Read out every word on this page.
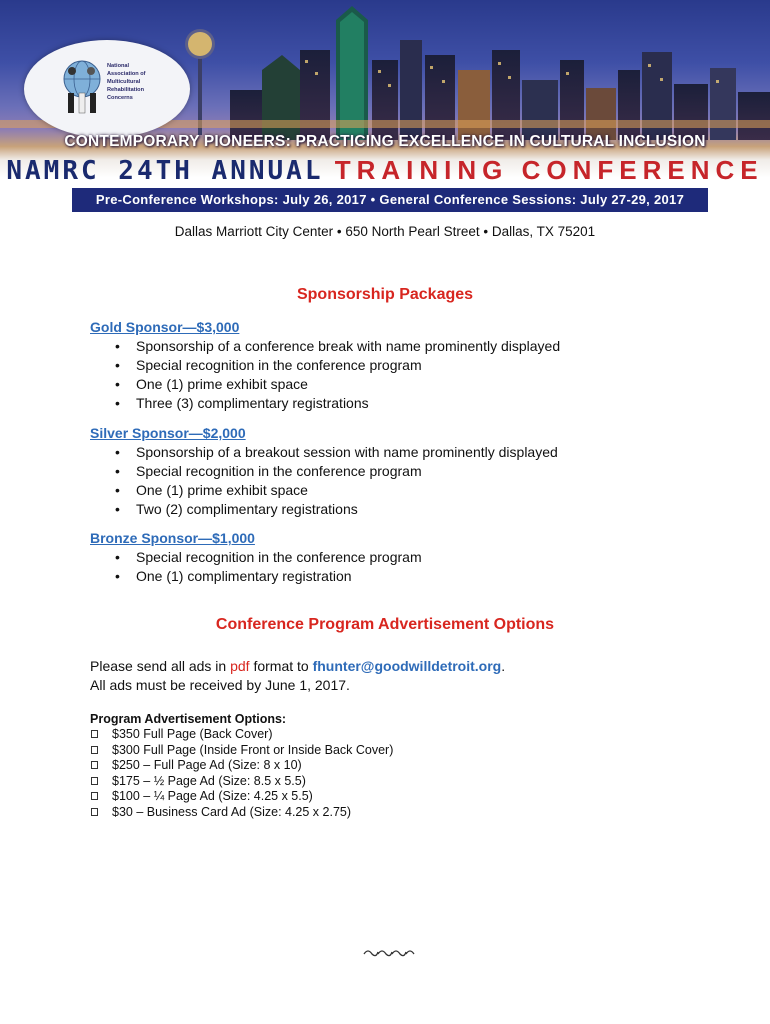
National
Association of
Multicultural
Rehabilitation
Concerns
CONTEMPORARY PIONEERS: PRACTICING EXCELLENCE IN CULTURAL INCLUSION
NAMRC 24TH ANNUAL TRAINING CONFERENCE
Pre-Conference Workshops: July 26, 2017 • General Conference Sessions: July 27-29, 2017
Dallas Marriott City Center • 650 North Pearl Street • Dallas, TX 75201
Sponsorship Packages
Gold Sponsor—$3,000
• Sponsorship of a conference break with name prominently displayed
• Special recognition in the conference program
• One (1) prime exhibit space
• Three (3) complimentary registrations
Silver Sponsor—$2,000
• Sponsorship of a breakout session with name prominently displayed
• Special recognition in the conference program
• One (1) prime exhibit space
• Two (2) complimentary registrations
Bronze Sponsor—$1,000
• Special recognition in the conference program
• One (1) complimentary registration
Conference Program Advertisement Options
Please send all ads in pdf format to fhunter@goodwilldetroit.org.
All ads must be received by June 1, 2017.
Program Advertisement Options:
$350 Full Page (Back Cover)
$300 Full Page (Inside Front or Inside Back Cover)
$250 – Full Page Ad (Size: 8 x 10)
$175 – ½ Page Ad (Size: 8.5 x 5.5)
$100 – ¼ Page Ad (Size: 4.25 x 5.5)
$30 – Business Card Ad (Size: 4.25 x 2.75)
